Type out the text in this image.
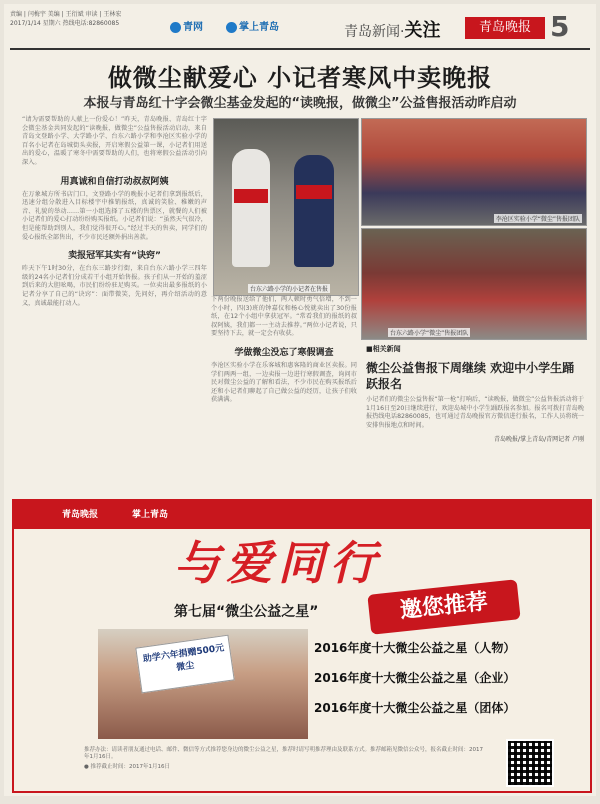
责编 | 闫梅宇 美编 | 王衍斌 审读 | 王林宏
2017/1/14 星期六 热线电话:82860085	青网	掌上青岛	青岛新闻·关注	青岛晚报 5
做微尘献爱心 小记者寒风中卖晚报
本报与青岛红十字会微尘基金发起的“读晚报，做微尘”公益售报活动昨启动
“请为需要帮助的人献上一份爱心！”昨天，青岛晚报、青岛红十字会微尘基金共同发起的“读晚报，做微尘”公益售报活动启动，来自青岛文登路小学、大学路小学、台东六路小学和李沧区实验小学的百名小记者在岛城街头卖报，开启寒假公益第一课，小记者们用送出的爱心，温暖了寒冬中需要帮助的人们，也将寒假公益活动引向深入。
用真诚和自信打动叔叔阿姨
在万象城方所书店门口，文登路小学的晚报小记者们拿到报纸后，迅速分组分散进入目标楼宇中推销报纸，真诚的笑脸、稚嫩的声音、礼貌的举动……第一小组选择了五楼的售票区，就餐的人们被小记者们的爱心打动纷纷购买报纸。小记者们说：“虽然天气很冷，但是能帮助到别人，我们觉得很开心。”经过半天的售卖，同学们的爱心报纸全部售出，不少市民还额外捐出善款。
卖报冠军其实有“诀窍”
昨天下午1时30分，在台东三路步行街，来自台东六路小学三四年级的24名小记者们分成若干小组开始售报。孩子们从一开始的羞涩到后来的大胆吆喝，市民们纷纷驻足购买。一位卖出最多报纸的小记者分享了自己的“诀窍”：面带微笑，先问好，再介绍活动的意义，真诚最能打动人。
台东六路小学的小记者在售报
李沧区实验小学“微尘”售报团队
台东六路小学“微尘”售报团队
下两份晚报送给了他们，两人顿时勇气倍增，不到一个小时，四(3)班的钟嘉仪和杨心悦就卖出了30份报纸，在12个小组中拿获冠军。“常看我们的报纸的叔叔阿姨，我们都一一主动去推荐。”两位小记者说，只要坚持下去，就一定会有收获。
学做微尘没忘了寒假调查
李沧区实验小学在乐客城和惠客隆的商业区卖报。同学们两两一组，一边卖报一边进行寒假调查，询问市民对微尘公益的了解和看法，不少市民在购买报纸后还和小记者们聊起了自己做公益的经历，让孩子们收获满满。
■相关新闻
微尘公益售报下周继续 欢迎中小学生踊跃报名
小记者们的微尘公益售报“第一枪”打响后，“读晚报，做微尘”公益售报活动将于1月16日至20日继续进行，欢迎岛城中小学生踊跃报名参加。报名可拨打青岛晚报热线电话82860085，也可通过青岛晚报官方微信进行报名，工作人员将统一安排售报地点和时间。
青岛晚报/掌上青岛/青网记者 卢刚
青岛晚报	掌上青岛
与爱同行
第七届“微尘公益之星”	邀您推荐
助学六年捐赠500元 微尘
2016年度十大微尘公益之星（人物）
2016年度十大微尘公益之星（企业）
2016年度十大微尘公益之星（团体）
推荐办法：请读者朋友通过电话、邮件、微信等方式推荐您身边的微尘公益之星，推荐时请写明推荐理由及联系方式。推荐邮箱见微信公众号，报名截止时间：2017年1月16日。
● 推荐截止时间：2017年1月16日
